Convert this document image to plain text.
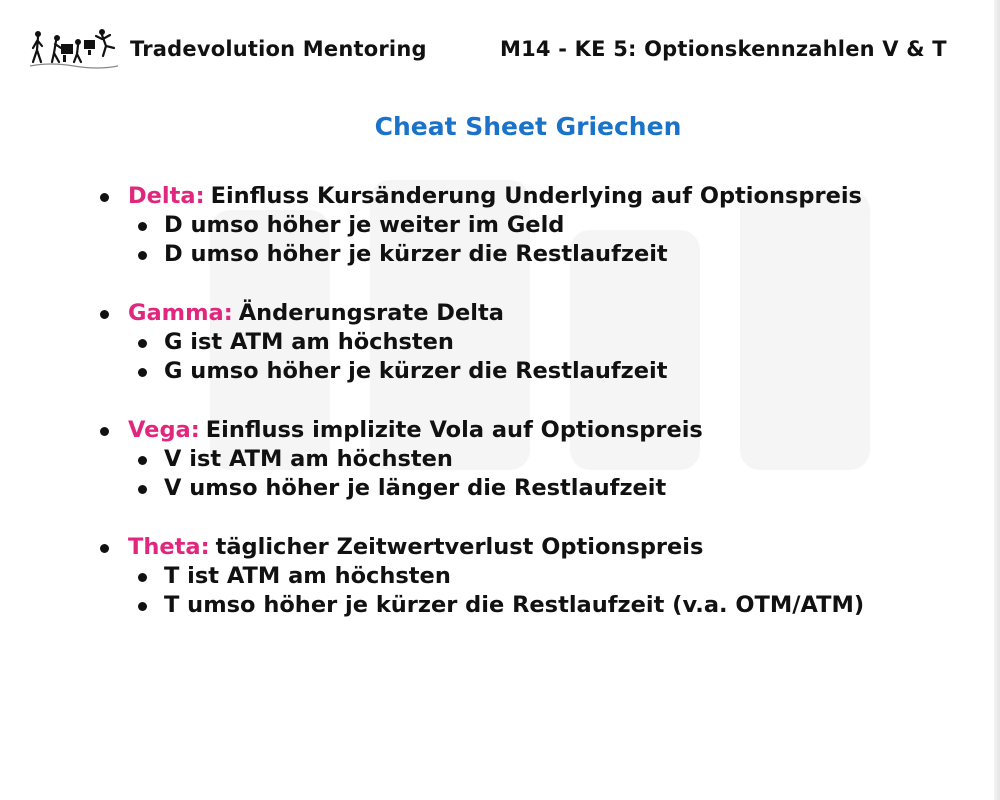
Tradevolution Mentoring	M14 - KE 5: Optionskennzahlen V & T
Cheat Sheet Griechen
Delta: Einfluss Kursänderung Underlying auf Optionspreis
D umso höher je weiter im Geld
D umso höher je kürzer die Restlaufzeit
Gamma: Änderungsrate Delta
G ist ATM am höchsten
G umso höher je kürzer die Restlaufzeit
Vega: Einfluss implizite Vola auf Optionspreis
V ist ATM am höchsten
V umso höher je länger die Restlaufzeit
Theta: täglicher Zeitwertverlust Optionspreis
T ist ATM am höchsten
T umso höher je kürzer die Restlaufzeit (v.a. OTM/ATM)
